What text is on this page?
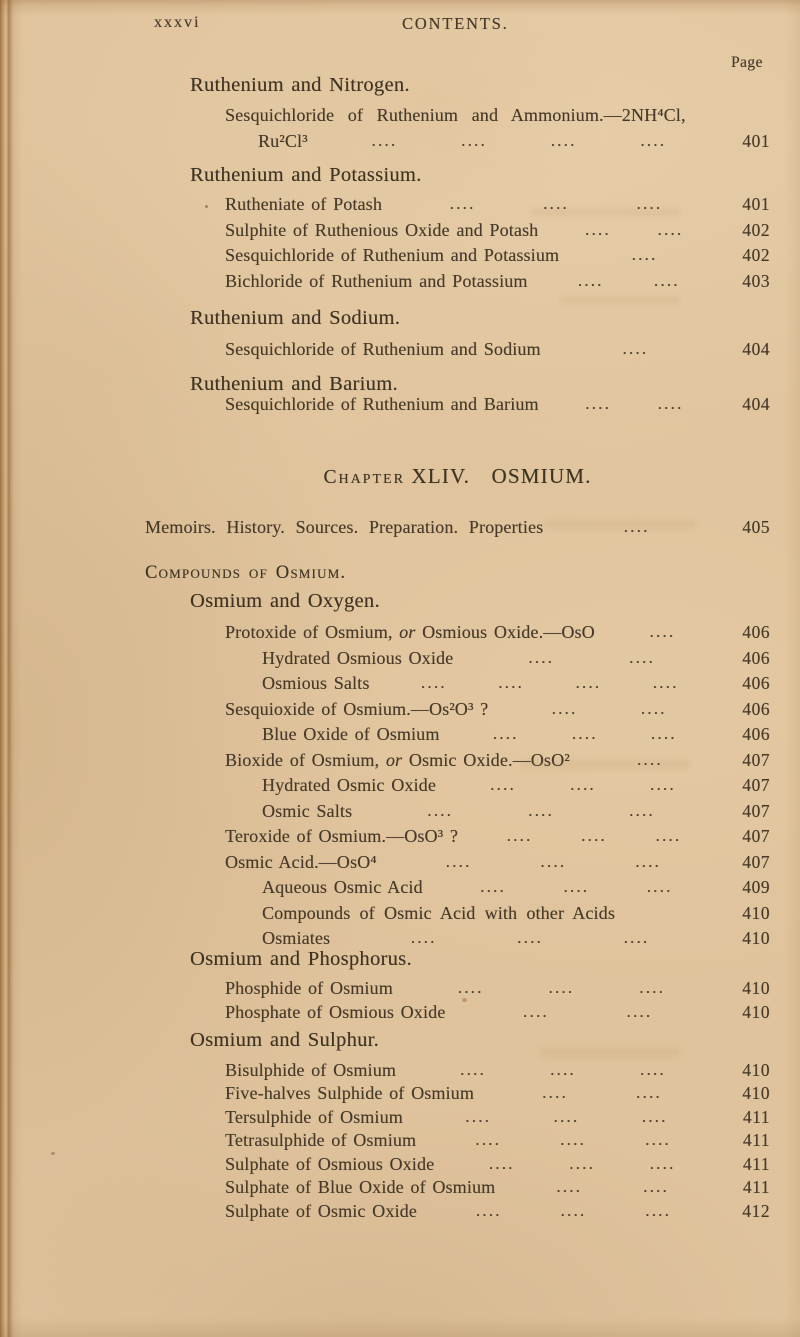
xxxvi	CONTENTS.
Page
Ruthenium and Nitrogen.
Sesquichloride of Ruthenium and Ammonium.—2NH⁴Cl,
Ru²Cl³	....	....	....	....	401
Ruthenium and Potassium.
Rutheniate of Potash	....	....	....	401
Sulphite of Ruthenious Oxide and Potash	....	....	402
Sesquichloride of Ruthenium and Potassium	....	402
Bichloride of Ruthenium and Potassium	....	....	403
Ruthenium and Sodium.
Sesquichloride of Ruthenium and Sodium	....	404
Ruthenium and Barium.
Sesquichloride of Ruthenium and Barium	....	....	404
Chapter XLIV. OSMIUM.
Memoirs. History. Sources. Preparation. Properties	....	405
Compounds of Osmium.
Osmium and Oxygen.
Protoxide of Osmium, or Osmious Oxide.—OsO	....	406
Hydrated Osmious Oxide	....	....	406
Osmious Salts	....	....	....	....	406
Sesquioxide of Osmium.—Os²O³ ?	....	....	406
Blue Oxide of Osmium	....	....	....	406
Bioxide of Osmium, or Osmic Oxide.—OsO²	....	407
Hydrated Osmic Oxide	....	....	....	407
Osmic Salts	....	....	....	407
Teroxide of Osmium.—OsO³ ?	....	....	....	407
Osmic Acid.—OsO⁴	....	....	....	407
Aqueous Osmic Acid	....	....	....	409
Compounds of Osmic Acid with other Acids	410
Osmiates	....	....	....	410
Osmium and Phosphorus.
Phosphide of Osmium	....	....	....	410
Phosphate of Osmious Oxide	....	....	410
Osmium and Sulphur.
Bisulphide of Osmium	....	....	....	410
Five-halves Sulphide of Osmium	....	....	410
Tersulphide of Osmium	....	....	....	411
Tetrasulphide of Osmium	....	....	....	411
Sulphate of Osmious Oxide	....	....	....	411
Sulphate of Blue Oxide of Osmium	....	....	411
Sulphate of Osmic Oxide	....	....	....	412
